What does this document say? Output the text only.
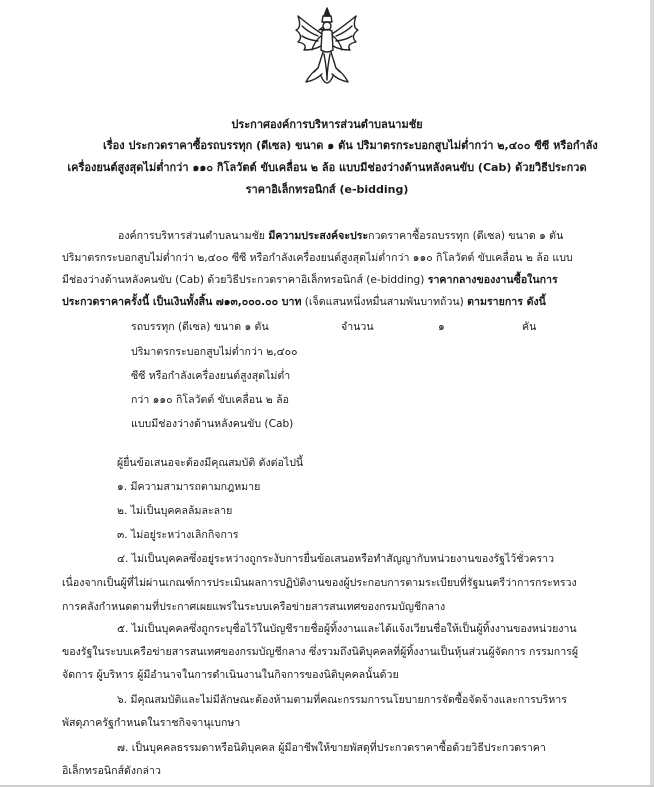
ประกาศองค์การบริหารส่วนตำบลนามชัย
เรื่อง ประกวดราคาซื้อรถบรรทุก (ดีเซล) ขนาด ๑ ตัน ปริมาตรกระบอกสูบไม่ต่ำกว่า ๒,๔๐๐ ซีซี หรือกำลัง
เครื่องยนต์สูงสุดไม่ต่ำกว่า ๑๑๐ กิโลวัตต์ ขับเคลื่อน ๒ ล้อ แบบมีช่องว่างด้านหลังคนขับ (Cab) ด้วยวิธีประกวด
ราคาอิเล็กทรอนิกส์ (e-bidding)
องค์การบริหารส่วนตำบลนามชัย มีความประสงค์จะประกวดราคาซื้อรถบรรทุก (ดีเซล) ขนาด ๑ ตัน
ปริมาตรกระบอกสูบไม่ต่ำกว่า ๒,๔๐๐ ซีซี หรือกำลังเครื่องยนต์สูงสุดไม่ต่ำกว่า ๑๑๐ กิโลวัตต์ ขับเคลื่อน ๒ ล้อ แบบ
มีช่องว่างด้านหลังคนขับ (Cab) ด้วยวิธีประกวดราคาอิเล็กทรอนิกส์ (e-bidding) ราคากลางของงานซื้อในการ
ประกวดราคาครั้งนี้ เป็นเงินทั้งสิ้น ๗๑๓,๐๐๐.๐๐ บาท (เจ็ดแสนหนึ่งหมื่นสามพันบาทถ้วน) ตามรายการ ดังนี้
รถบรรทุก (ดีเซล) ขนาด ๑ ตัน	จำนวน	๑	คัน
ปริมาตรกระบอกสูบไม่ต่ำกว่า ๒,๔๐๐
ซีซี หรือกำลังเครื่องยนต์สูงสุดไม่ต่ำ
กว่า ๑๑๐ กิโลวัตต์ ขับเคลื่อน ๒ ล้อ
แบบมีช่องว่างด้านหลังคนขับ (Cab)
ผู้ยื่นข้อเสนอจะต้องมีคุณสมบัติ ดังต่อไปนี้
๑. มีความสามารถตามกฎหมาย
๒. ไม่เป็นบุคคลล้มละลาย
๓. ไม่อยู่ระหว่างเลิกกิจการ
๔. ไม่เป็นบุคคลซึ่งอยู่ระหว่างถูกระงับการยื่นข้อเสนอหรือทำสัญญากับหน่วยงานของรัฐไว้ชั่วคราว
เนื่องจากเป็นผู้ที่ไม่ผ่านเกณฑ์การประเมินผลการปฏิบัติงานของผู้ประกอบการตามระเบียบที่รัฐมนตรีว่าการกระทรวง
การคลังกำหนดตามที่ประกาศเผยแพร่ในระบบเครือข่ายสารสนเทศของกรมบัญชีกลาง
๕. ไม่เป็นบุคคลซึ่งถูกระบุชื่อไว้ในบัญชีรายชื่อผู้ทิ้งงานและได้แจ้งเวียนชื่อให้เป็นผู้ทิ้งงานของหน่วยงาน
ของรัฐในระบบเครือข่ายสารสนเทศของกรมบัญชีกลาง ซึ่งรวมถึงนิติบุคคลที่ผู้ทิ้งงานเป็นหุ้นส่วนผู้จัดการ กรรมการผู้
จัดการ ผู้บริหาร ผู้มีอำนาจในการดำเนินงานในกิจการของนิติบุคคลนั้นด้วย
๖. มีคุณสมบัติและไม่มีลักษณะต้องห้ามตามที่คณะกรรมการนโยบายการจัดซื้อจัดจ้างและการบริหาร
พัสดุภาครัฐกำหนดในราชกิจจานุเบกษา
๗. เป็นบุคคลธรรมดาหรือนิติบุคคล ผู้มีอาชีพให้ขายพัสดุที่ประกวดราคาซื้อด้วยวิธีประกวดราคา
อิเล็กทรอนิกส์ดังกล่าว
